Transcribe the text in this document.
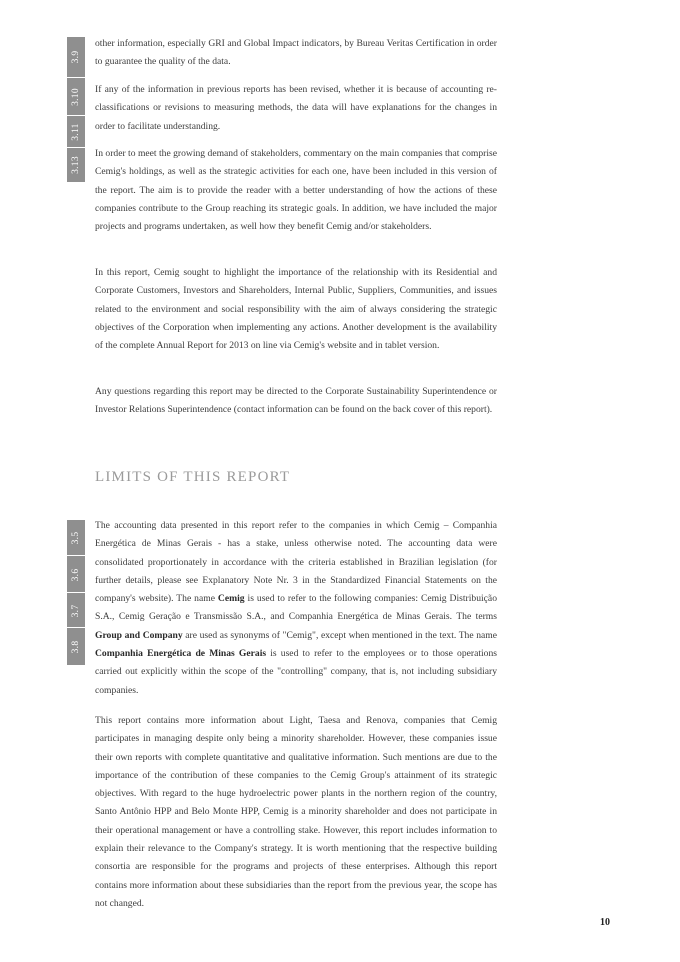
3.9
3.10
3.11
3.13

other information, especially GRI and Global Impact indicators, by Bureau Veritas Certification in order to guarantee the quality of the data.

If any of the information in previous reports has been revised, whether it is because of accounting re-classifications or revisions to measuring methods, the data will have explanations for the changes in order to facilitate understanding.

In order to meet the growing demand of stakeholders, commentary on the main companies that comprise Cemig's holdings, as well as the strategic activities for each one, have been included in this version of the report. The aim is to provide the reader with a better understanding of how the actions of these companies contribute to the Group reaching its strategic goals. In addition, we have included the major projects and programs undertaken, as well how they benefit Cemig and/or stakeholders.

In this report, Cemig sought to highlight the importance of the relationship with its Residential and Corporate Customers, Investors and Shareholders, Internal Public, Suppliers, Communities, and issues related to the environment and social responsibility with the aim of always considering the strategic objectives of the Corporation when implementing any actions. Another development is the availability of the complete Annual Report for 2013 on line via Cemig's website and in tablet version.

Any questions regarding this report may be directed to the Corporate Sustainability Superintendence or Investor Relations Superintendence (contact information can be found on the back cover of this report).

LIMITS OF THIS REPORT
3.5
3.6
3.7
3.8

The accounting data presented in this report refer to the companies in which Cemig – Companhia Energética de Minas Gerais - has a stake, unless otherwise noted. The accounting data were consolidated proportionately in accordance with the criteria established in Brazilian legislation (for further details, please see Explanatory Note Nr. 3 in the Standardized Financial Statements on the company's website). The name Cemig is used to refer to the following companies: Cemig Distribuição S.A., Cemig Geração e Transmissão S.A., and Companhia Energética de Minas Gerais. The terms Group and Company are used as synonyms of "Cemig", except when mentioned in the text. The name Companhia Energética de Minas Gerais is used to refer to the employees or to those operations carried out explicitly within the scope of the "controlling" company, that is, not including subsidiary companies.

This report contains more information about Light, Taesa and Renova, companies that Cemig participates in managing despite only being a minority shareholder. However, these companies issue their own reports with complete quantitative and qualitative information. Such mentions are due to the importance of the contribution of these companies to the Cemig Group's attainment of its strategic objectives. With regard to the huge hydroelectric power plants in the northern region of the country, Santo Antônio HPP and Belo Monte HPP, Cemig is a minority shareholder and does not participate in their operational management or have a controlling stake. However, this report includes information to explain their relevance to the Company's strategy. It is worth mentioning that the respective building consortia are responsible for the programs and projects of these enterprises. Although this report contains more information about these subsidiaries than the report from the previous year, the scope has not changed.

10
